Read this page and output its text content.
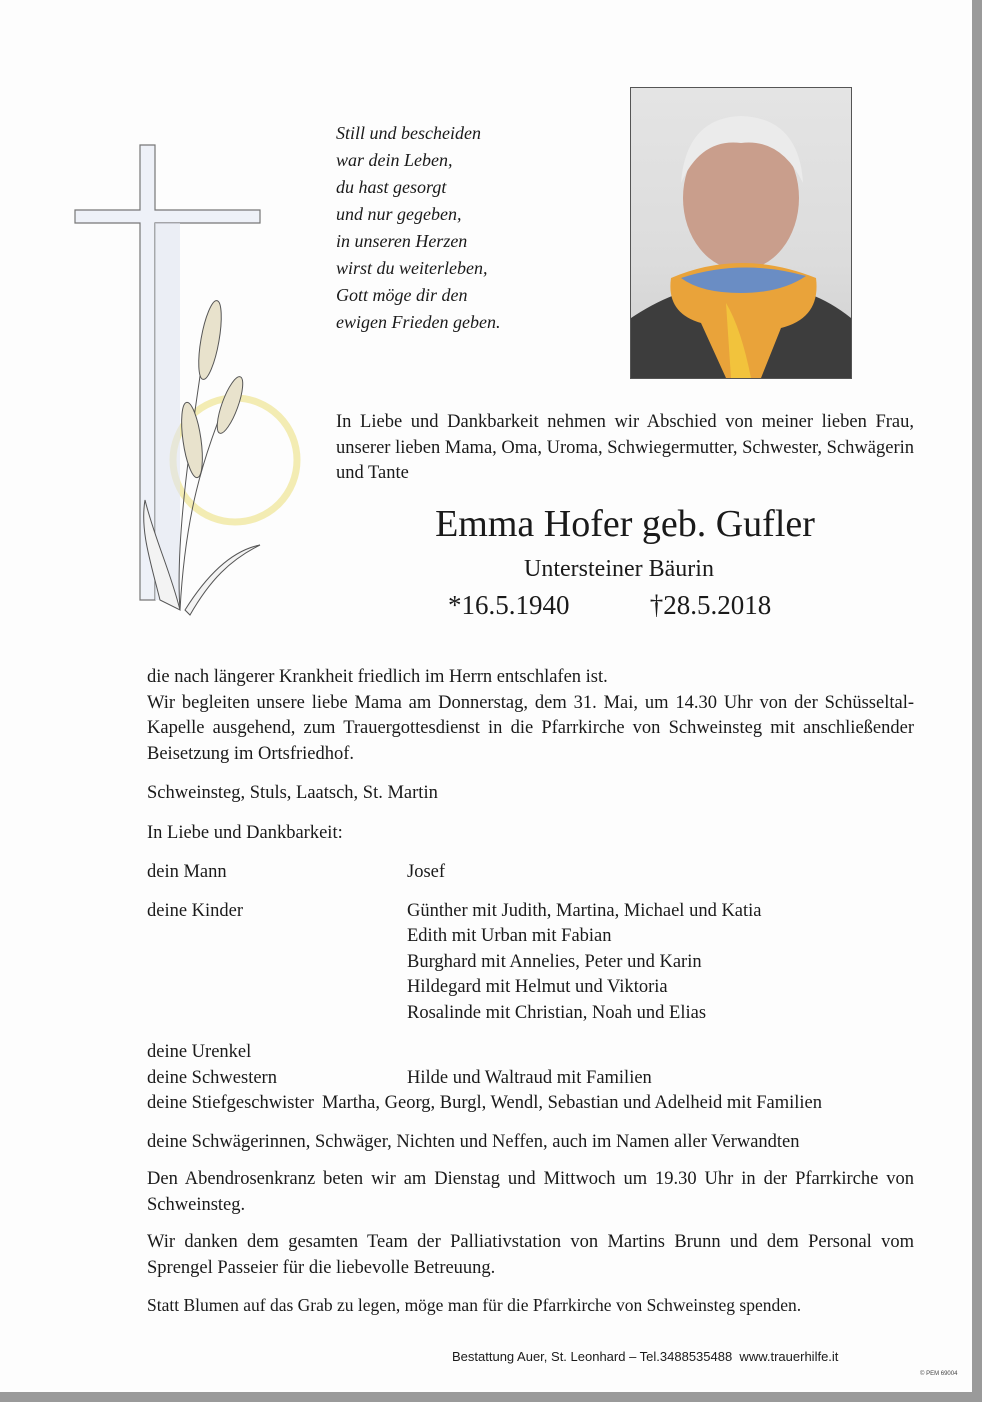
Still und bescheiden
war dein Leben,
du hast gesorgt
und nur gegeben,
in unseren Herzen
wirst du weiterleben,
Gott möge dir den
ewigen Frieden geben.
In Liebe und Dankbarkeit nehmen wir Abschied von meiner lieben Frau, unserer lieben Mama, Oma, Uroma, Schwiegermutter, Schwester, Schwägerin und Tante
Emma Hofer geb. Gufler
Untersteiner Bäurin
*16.5.1940	†28.5.2018

die nach längerer Krankheit friedlich im Herrn entschlafen ist.

Wir begleiten unsere liebe Mama am Donnerstag, dem 31. Mai, um 14.30 Uhr von der Schüsseltal-Kapelle ausgehend, zum Trauergottesdienst in die Pfarrkirche von Schweinsteg mit anschließender Beisetzung im Ortsfriedhof.

Schweinsteg, Stuls, Laatsch, St. Martin

In Liebe und Dankbarkeit:

dein Mann	Josef
deine Kinder	Günther mit Judith, Martina, Michael und Katia
Edith mit Urban mit Fabian
Burghard mit Annelies, Peter und Karin
Hildegard mit Helmut und Viktoria
Rosalinde mit Christian, Noah und Elias
deine Urenkel
deine Schwestern	Hilde und Waltraud mit Familien
deine Stiefgeschwister Martha, Georg, Burgl, Wendl, Sebastian und Adelheid mit Familien

deine Schwägerinnen, Schwäger, Nichten und Neffen, auch im Namen aller Verwandten

Den Abendrosenkranz beten wir am Dienstag und Mittwoch um 19.30 Uhr in der Pfarrkirche von Schweinsteg.

Wir danken dem gesamten Team der Palliativstation von Martins Brunn und dem Personal vom Sprengel Passeier für die liebevolle Betreuung.

Statt Blumen auf das Grab zu legen, möge man für die Pfarrkirche von Schweinsteg spenden.

Bestattung Auer, St. Leonhard – Tel.3488535488  www.trauerhilfe.it
© PEM 69004
